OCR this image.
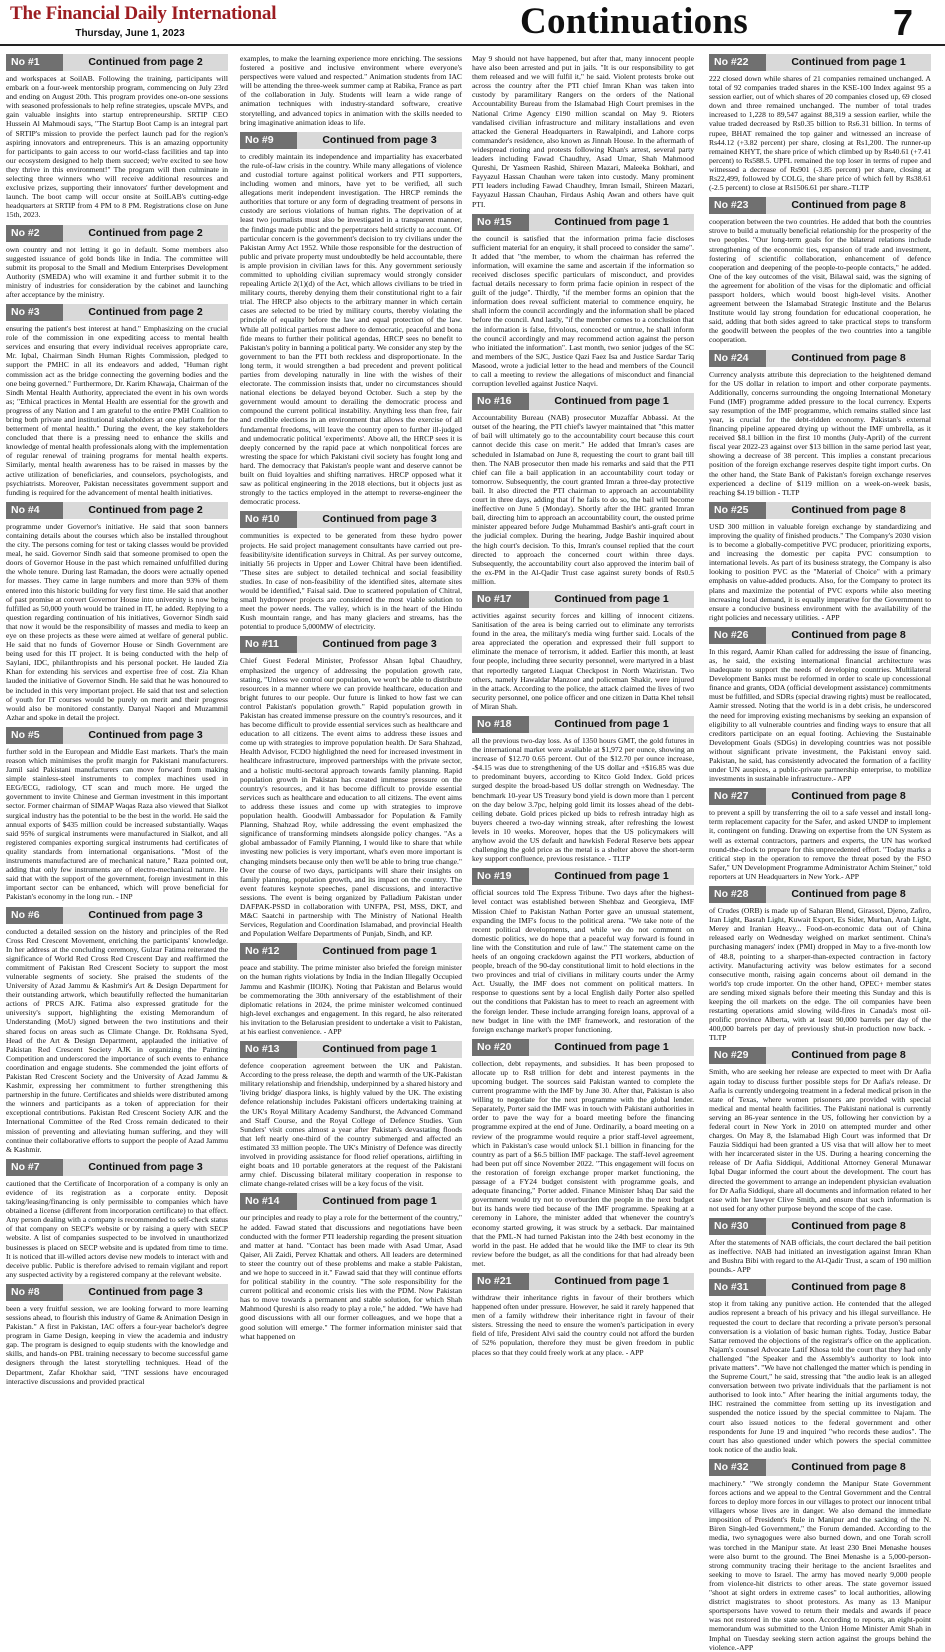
The Financial Daily International
Thursday, June 1, 2023	Continuations	7
No #1	Continued from page 2

and workspaces at SoilAB. Following the training, participants will embark on a four-week mentorship program, commencing on July 23rd and ending on August 20th. This program provides one-on-one sessions with seasoned professionals to help refine strategies, upscale MVPs, and gain valuable insights into startup entrepreneurship. SRTIP CEO Hussein Al Mahmoudi says, "The Startup Boot Camp is an integral part of SRTIP's mission to provide the perfect launch pad for the region's aspiring innovators and entrepreneurs. This is an amazing opportunity for participants to gain access to our world-class facilities and tap into our ecosystem designed to help them succeed; we're excited to see how they thrive in this environment!" The program will then culminate in selecting three winners who will receive additional resources and exclusive prizes, supporting their innovators' further development and launch. The boot camp will occur onsite at SoilLAB's cutting-edge headquarters at SRTIP from 4 PM to 8 PM. Registrations close on June 15th, 2023.

No #2	Continued from page 2

own country and not letting it go in default. Some members also suggested issuance of gold bonds like in India. The committee will submit its proposal to the Small and Medium Enterprises Development Authority (SMEDA) who will examine it and further submit it to the ministry of industries for consideration by the cabinet and launching after acceptance by the ministry.

No #3	Continued from page 2

ensuring the patient's best interest at hand." Emphasizing on the crucial role of the commission in one expediting access to mental health services and ensuring that every individual receives appropriate care, Mr. Iqbal, Chairman Sindh Human Rights Commission, pledged to support the PMHC in all its endeavors and added, "Human right commission act as the bridge connecting the governing bodies and the one being governed." Furthermore, Dr. Karim Khawaja, Chairman of the Sindh Mental Health Authority, appreciated the event in his own words as; "Ethical practices in Mental Health are essential for the growth and progress of any Nation and I am grateful to the entire PMH Coalition to bring both private and institutional stakeholders at one platform for the betterment of mental health." During the event, the key stakeholders concluded that there is a pressing need to enhance the skills and knowledge of mental health professionals along with the implementation of regular renewal of training programs for mental health experts. Similarly, mental health awareness has to be raised in masses by the active utilization of beneficiaries, and counselors, psychologists, and psychiatrists. Moreover, Pakistan necessitates government support and funding is required for the advancement of mental health initiatives.

No #4	Continued from page 2

programme under Governor's initiative. He said that soon banners containing details about the courses which also be installed throughout the city. The persons coming for test or taking classes would be provided meal, he said. Governor Sindh said that someone promised to open the doors of Governor House in the past which remained unfulfilled during the whole tenure. During last Ramadan, the doors were actually opened for masses. They came in large numbers and more than 93% of them entered into this historic building for very first time. He said that another of past promise at convert Governor House into university is now being fulfilled as 50,000 youth would be trained in IT, he added. Replying to a question regarding continuation of his initiatives, Governor Sindh said that now it would be the responsibility of masses and media to keep an eye on these projects as these were aimed at welfare of general public. He said that no funds of Governor House or Sindh Government are being used for this IT project. It is being conducted with the help of Saylani, IDC, philanthropists and his personal pocket. He lauded Zia Khan for extending his services and expertise free of cost. Zia Khan lauded the initiative of Governor Sindh. He said that he was honoured to be included in this very important project. He said that test and selection of youth for IT courses would be purely on merit and their progress would also be monitored constantly. Danyal Naqori and Muzammil Azhar and spoke in detail the project.

No #5	Continued from page 3

further sold in the European and Middle East markets. That's the main reason which minimises the profit margin for Pakistani manufacturers. Jamil said Pakistani manufacturers can move forward from making simple stainless-steel instruments to complex machines used in EEG/ECG, radiology, CT scan and much more. He urged the government to invite Chinese and German investment in this important sector. Former chairman of SIMAP Waqas Raza also viewed that Sialkot surgical industry has the potential to be the best in the world. He said the annual exports of $435 million could be increased substantially. Waqas said 95% of surgical instruments were manufactured in Sialkot, and all registered companies exporting surgical instruments had certificates of quality standards from international organisations. "Most of the instruments manufactured are of mechanical nature," Raza pointed out, adding that only few instruments are of electro-mechanical nature. He said that with the support of the government, foreign investment in this important sector can be enhanced, which will prove beneficial for Pakistan's economy in the long run. - INP

No #6	Continued from page 3

conducted a detailed session on the history and principles of the Red Cross Red Crescent Movement, enriching the participants' knowledge. In her address at the concluding ceremony, Gulzar Fatima reiterated the significance of World Red Cross Red Crescent Day and reaffirmed the commitment of Pakistan Red Crescent Society to support the most vulnerable segments of society. She praised the students of the University of Azad Jammu & Kashmir's Art & Design Department for their outstanding artwork, which beautifully reflected the humanitarian actions of PRCS AJK. Fatima also expressed gratitude for the university's support, highlighting the existing Memorandum of Understanding (MoU) signed between the two institutions and their shared focus on areas such as Climate Change. Dr. Rokhsana Syed, Head of the Art & Design Department, applauded the initiative of Pakistan Red Crescent Society AJK in organizing the Painting Competition and underscored the importance of such events to enhance coordination and engage students. She commended the joint efforts of Pakistan Red Crescent Society and the University of Azad Jammu & Kashmir, expressing her commitment to further strengthening this partnership in the future. Certificates and shields were distributed among the winners and participants as a token of appreciation for their exceptional contributions. Pakistan Red Crescent Society AJK and the International Committee of the Red Cross remain dedicated to their mission of preventing and alleviating human suffering, and they will continue their collaborative efforts to support the people of Azad Jammu & Kashmir.

No #7	Continued from page 3

cautioned that the Certificate of Incorporation of a company is only an evidence of its registration as a corporate entity. Deposit taking/leasing/financing is only permissible to companies which have obtained a license (different from incorporation certificate) to that effect. Any person dealing with a company is recommended to self-check status of that company on SECP's website or by raising a query with SECP website. A list of companies suspected to be involved in unauthorized businesses is placed on SECP website and is updated from time to time. It is noticed that ill-willed actors devise new models to interact with and deceive public. Public is therefore advised to remain vigilant and report any suspected activity by a registered company at the relevant website.

No #8	Continued from page 3

been a very fruitful session, we are looking forward to more learning sessions ahead, to flourish this industry of Game & Animation Design in Pakistan." A first in Pakistan, IAC offers a four-year bachelor's degree program in Game Design, keeping in view the academia and industry gap. The program is designed to equip students with the knowledge and skills, and hands-on PBL training necessary to become successful game designers through the latest storytelling techniques. Head of the Department, Zafar Khokhar said, "TNT sessions have encouraged interactive discussions and provided practical

examples, to make the learning experience more enriching. The sessions fostered a positive and inclusive environment where everyone's perspectives were valued and respected." Animation students from IAC will be attending the three-week summer camp at Rabika, France as part of the collaboration in July. Students will learn a wide range of animation techniques with industry-standard software, creative storytelling, and advanced topics in animation with the skills needed to bring imaginative animation ideas to life.

No #9	Continued from page 3

to credibly maintain its independence and impartiality has exacerbated the rule-of-law crisis in the country. While many allegations of violence and custodial torture against political workers and PTI supporters, including women and minors, have yet to be verified, all such allegations merit independent investigation. The HRCP reminds the authorities that torture or any form of degrading treatment of persons in custody are serious violations of human rights. The deprivation of at least two journalists must also be investigated in a transparent manner, the findings made public and the perpetrators held strictly to account. Of particular concern is the government's decision to try civilians under the Pakistan Army Act 1952. While those responsible for the destruction of public and private property must undoubtedly be held accountable, there is ample provision in civilian laws for this. Any government seriously committed to upholding civilian supremacy would strongly consider repealing Article 2(1)(d) of the Act, which allows civilians to be tried in military courts, thereby denying them their constitutional right to a fair trial. The HRCP also objects to the arbitrary manner in which certain cases are selected to be tried by military courts, thereby violating the principle of equality before the law and equal protection of the law. While all political parties must adhere to democratic, peaceful and bona fide means to further their political agendas, HRCP sees no benefit to Pakistan's polity in banning a political party. We consider any step by the government to ban the PTI both reckless and disproportionate. In the long term, it would strengthen a bad precedent and prevent political parties from developing naturally in line with the wishes of their electorate. The commission insists that, under no circumstances should national elections be delayed beyond October. Such a step by the government would amount to derailing the democratic process and compound the current political instability. Anything less than free, fair and credible elections in an environment that allows the exercise of all fundamental freedoms, will leave the country open to further ill-judged and undemocratic political 'experiments'. Above all, the HRCP sees it is deeply concerned by the rapid pace at which nonpolitical forces are wresting the space for which Pakistani civil society has fought long and hard. The democracy that Pakistan's people want and deserve cannot be built on fluid loyalties and shifting narratives. HRCP opposed what it saw as political engineering in the 2018 elections, but it objects just as strongly to the tactics employed in the attempt to reverse-engineer the democratic process.

No #10	Continued from page 3

communities is expected to be generated from these hydro power projects. He said project management consultants have carried out pre-feasibility/site identification surveys in Chitral. As per survey outcome, initially 56 projects in Upper and Lower Chitral have been identified. "These sites are subject to detailed technical and social feasibility studies. In case of non-feasibility of the identified sites, alternate sites would be identified," Faisal said. Due to scattered population of Chitral, small hydropower projects are considered the most viable solution to meet the power needs. The valley, which is in the heart of the Hindu Kush mountain range, and has many glaciers and streams, has the potential to produce 5,000MW of electricity.

No #11	Continued from page 3

Chief Guest Federal Minister, Professor Ahsan Iqbal Chaudhry, emphasized the urgency of addressing the population growth rate, stating, "Unless we control our population, we won't be able to distribute resources in a manner where we can provide healthcare, education and bright futures to our people. Our future is linked to how fast we can control Pakistan's population growth." Rapid population growth in Pakistan has created immense pressure on the country's resources, and it has become difficult to provide essential services such as healthcare and education to all citizens. The event aims to address these issues and come up with strategies to improve population health. Dr Sara Shahzad, Health Advisor, FCDO highlighted the need for increased investment in healthcare infrastructure, improved partnerships with the private sector, and a holistic multi-sectoral approach towards family planning. Rapid population growth in Pakistan has created immense pressure on the country's resources, and it has become difficult to provide essential services such as healthcare and education to all citizens. The event aims to address these issues and come up with strategies to improve population health. Goodwill Ambassador for Population & Family Planning, Shahzad Roy, while addressing the event emphasized the significance of transforming mindsets alongside policy changes. "As a global ambassador of Family Planning, I would like to share that while investing new policies is very important, what's even more important is changing mindsets because only then we'll be able to bring true change." Over the course of two days, participants will share their insights on family planning, population growth, and its impact on the country. The event features keynote speeches, panel discussions, and interactive sessions. The event is being organized by Palladium Pakistan under DAFPAK-PSSD in collaboration with UNFPA, PSI, MSS, DKT, and M&C Saatchi in partnership with The Ministry of National Health Services, Regulation and Coordination Islamabad, and provincial Health and Population Welfare Departments of Punjab, Sindh, and KP.

No #12	Continued from page 1

peace and stability. The prime minister also briefed the foreign minister on the human rights violations by India in the Indian Illegally Occupied Jammu and Kashmir (IIOJK). Noting that Pakistan and Belarus would be commemorating the 30th anniversary of the establishment of their diplomatic relations in 2024, the prime minister welcomed continued high-level exchanges and engagement. In this regard, he also reiterated his invitation to the Belarusian president to undertake a visit to Pakistan, at his earliest convenience. - APP

No #13	Continued from page 1

defence cooperation agreement between the UK and Pakistan. According to the press release, the depth and warmth of the UK-Pakistan military relationship and friendship, underpinned by a shared history and 'living bridge' diaspora links, is highly valued by the UK. The existing defence relationship includes Pakistani officers undertaking training at the UK's Royal Military Academy Sandhurst, the Advanced Command and Staff Course, and the Royal College of Defence Studies. 'Gun Sunders' visit comes almost a year after Pakistan's devastating floods that left nearly one-third of the country submerged and affected an estimated 33 million people. The UK's Ministry of Defence was directly involved in providing assistance for flood relief operations, airlifting in eight boats and 10 portable generators at the request of the Pakistani army chief. Discussing bilateral military cooperation in response to climate change-related crises will be a key focus of the visit.

No #14	Continued from page 1

our principles and ready to play a role for the betterment of the country," he added. Fawad stated that discussions and negotiations have been conducted with the former PTI leadership regarding the present situation and matter at hand. "Contact has been made with Asad Umar, Asad Qaiser, Ali Zaidi, Pervez Khattak and others. All leaders are determined to steer the country out of these problems and make a stable Pakistan, and we hope to succeed in it." Fawad said that they will continue efforts for political stability in the country. "The sole responsibility for the current political and economic crisis lies with the PDM. Now Pakistan has to move towards a permanent and stable solution, for which Shah Mahmood Qureshi is also ready to play a role," he added. "We have had good discussions with all our former colleagues, and we hope that a good solution will emerge." The former information minister said that what happened on

May 9 should not have happened, but after that, many innocent people have also been arrested and put in jails. "It is our responsibility to get them released and we will fulfil it," he said. Violent protests broke out across the country after the PTI chief Imran Khan was taken into custody by paramilitary Rangers on the orders of the National Accountability Bureau from the Islamabad High Court premises in the National Crime Agency £190 million scandal on May 9. Rioters vandalised civilian infrastructure and military installations and even attacked the General Headquarters in Rawalpindi, and Lahore corps commander's residence, also known as Jinnah House. In the aftermath of widespread rioting and protests following Khan's arrest, several party leaders including Fawad Chaudhry, Asad Umar, Shah Mahmood Qureshi, Dr Yasmeen Rashid, Shireen Mazari, Maleeka Bokhari, and Fayyazul Hassan Chauhan were taken into custody. Many prominent PTI leaders including Fawad Chaudhry, Imran Ismail, Shireen Mazari, Fayyazul Hassan Chauhan, Firdaus Ashiq Awan and others have quit PTI.

No #15	Continued from page 1

the council is satisfied that the information prima facie discloses sufficient material for an enquiry, it shall proceed to consider the same". It added that "the member, to whom the chairman has referred the information, will examine the same and ascertain if the information so received discloses specific particulars of misconduct, and provides factual details necessary to form prima facie opinion in respect of the guilt of the judge". Thirdly, "if the member forms an opinion that the information does reveal sufficient material to commence enquiry, he shall inform the council accordingly and the information shall be placed before the council. And lastly, "if the member comes to a conclusion that the information is false, frivolous, concocted or untrue, he shall inform the council accordingly and may recommend action against the person who initiated the information". Last month, two senior judges of the SC and members of the SJC, Justice Qazi Faez Isa and Justice Sardar Tariq Masood, wrote a judicial letter to the head and members of the Council to call a meeting to review the allegations of misconduct and financial corruption levelled against Justice Naqvi.

No #16	Continued from page 1

Accountability Bureau (NAB) prosecutor Muzaffar Abbassi. At the outset of the hearing, the PTI chief's lawyer maintained that "this matter of bail will ultimately go to the accountability court because this court cannot decide this case on merit." He added that Imran's cases are scheduled in Islamabad on June 8, requesting the court to grant bail till then. The NAB prosecutor then made his remarks and said that the PTI chief can file a bail application in an accountability court today or tomorrow. Subsequently, the court granted Imran a three-day protective bail. It also directed the PTI chairman to approach an accountability court in three days, adding that if he fails to do so, the bail will become ineffective on June 5 (Monday). Shortly after the IHC granted Imran bail, directing him to approach an accountability court, the ousted prime minister appeared before Judge Muhammad Bashir's anti-graft court in the judicial complex. During the hearing, Judge Bashir inquired about the high court's decision. To this, Imran's counsel replied that the court directed to approach the concerned court within three days. Subsequently, the accountability court also approved the interim bail of the ex-PM in the Al-Qadir Trust case against surety bonds of Rs0.5 million.

No #17	Continued from page 1

activities against security forces and killing of innocent citizens. Sanitisation of the area is being carried out to eliminate any terrorists found in the area, the military's media wing further said. Locals of the area appreciated the operation and expressed their full support to eliminate the menace of terrorism, it added. Earlier this month, at least four people, including three security personnel, were martyred in a blast that reportedly targeted Liaquat Checkpost in North Waziristan. Two others, namely Hawaldar Manzoor and policeman Shakir, were injured in the attack. According to the police, the attack claimed the lives of two security personnel, one police officer and one citizen in Datta Khel tehsil of Miran Shah.

No #18	Continued from page 1

all the previous two-day loss. As of 1350 hours GMT, the gold futures in the international market were available at $1,972 per ounce, showing an increase of $12.70 0.65 percent. Out of the $12.70 per ounce increase, -$4.15 was due to strengthening of the US dollar and +$16.85 was due to predominant buyers, according to Kitco Gold Index. Gold prices surged despite the broad-based US dollar strength on Wednesday. The benchmark 10-year US Treasury bond yield is down more than 1 percent on the day below 3.7pc, helping gold limit its losses ahead of the debt-ceiling debate. Gold prices picked up bids to refresh intraday high as buyers cheered a two-day winning streak, after refreshing the lowest levels in 10 weeks. Moreover, hopes that the US policymakers will anyhow avoid the US default and hawkish Federal Reserve bets appear challenging the gold price as the metal is a shelter above the short-term key support confluence, previous resistance. - TLTP

No #19	Continued from page 1

official sources told The Express Tribune. Two days after the highest-level contact was established between Shehbaz and Georgieva, IMF Mission Chief to Pakistan Nathan Porter gave an unusual statement, expanding the IMF's focus to the political arena. "We take note of the recent political developments, and while we do not comment on domestic politics, we do hope that a peaceful way forward is found in line with the Constitution and rule of law." The statement came on the heels of an ongoing crackdown against the PTI workers, abduction of people, breach of the 90-day constitutional limit to hold elections in the two provinces and trial of civilians in military courts under the Army Act. Usually, the IMF does not comment on political matters. In response to questions sent by a local English daily Porter also spelled out the conditions that Pakistan has to meet to reach an agreement with the foreign lender. These include arranging foreign loans, approval of a new budget in line with the IMF framework, and restoration of the foreign exchange market's proper functioning.

No #20	Continued from page 1

collection, debt repayments, and subsidies. It has been proposed to allocate up to Rs8 trillion for debt and interest payments in the upcoming budget. The sources said Pakistan wanted to complete the current programme with the IMF by June 30. After that, Pakistan is also willing to negotiate for the next programme with the global lender. Separately, Porter said the IMF was in touch with Pakistani authorities in order to pave the way for a board meeting before the financing programme expired at the end of June. Ordinarily, a board meeting on a review of the programme would require a prior staff-level agreement, which in Pakistan's case would unlock $1.1 billion in financing for the country as part of a $6.5 billion IMF package. The staff-level agreement had been put off since November 2022. "This engagement will focus on the restoration of foreign exchange proper market functioning, the passage of a FY24 budget consistent with programme goals, and adequate financing," Porter added. Finance Minister Ishaq Dar said the government would try not to overburden the people in the next budget but its hands were tied because of the IMF programme. Speaking at a ceremony in Lahore, the minister added that whenever the country's economy started growing, it was struck by a setback. Dar maintained that the PML-N had turned Pakistan into the 24th best economy in the world in the past. He added that he would like the IMF to clear its 9th review before the budget, as all the conditions for that had already been met.

No #21	Continued from page 1

withdraw their inheritance rights in favour of their brothers which happened often under pressure. However, he said it rarely happened that men of a family withdrew their inheritance right in favour of their sisters. Stressing the need to ensure the women's participation in every field of life, President Alvi said the country could not afford the burden of 52% population, therefore they must be given freedom in public places so that they could freely work at any place. - APP

No #22	Continued from page 1

222 closed down while shares of 21 companies remained unchanged. A total of 92 companies traded shares in the KSE-100 Index against 95 a session earlier, out of which shares of 20 companies closed up, 69 closed down and three remained unchanged. The number of total trades increased to 1,228 to 89,547 against 88,319 a session earlier, while the value traded decreased by Rs0.35 billion to Rs6.31 billion. In terms of rupee, BHAT remained the top gainer and witnessed an increase of Rs44.12 (+3.82 percent) per share, closing at Rs1,200. The runner-up remained KHYT, the share price of which climbed up by Rs40.61 (+7.41 percent) to Rs588.5. UPFL remained the top loser in terms of rupee and witnessed a decrease of Rs901 (-3.85 percent) per share, closing at Rs22,499, followed by COLG, the share price of which fell by Rs38.61 (-2.5 percent) to close at Rs1506.61 per share.-TLTP

No #23	Continued from page 8

cooperation between the two countries. He added that both the countries strove to build a mutually beneficial relationship for the prosperity of the two peoples. "Our long-term goals for the bilateral relations include strengthening of the economic ties, expansion of trade and investment, fostering of scientific collaboration, enhancement of defence cooperation and deepening of the people-to-people contacts," he added. One of the key outcomes of the visit, Bilawal said, was the signing of the agreement for abolition of the visas for the diplomatic and official passport holders, which would boost high-level visits. Another agreement between the Islamabad Strategic Institute and the Belarus Institute would lay strong foundation for educational cooperation, he said, adding that both sides agreed to take practical steps to transform the goodwill between the peoples of the two countries into a tangible cooperation.

No #24	Continued from page 8

Currency analysts attribute this depreciation to the heightened demand for the US dollar in relation to import and other corporate payments. Additionally, concerns surrounding the ongoing International Monetary Fund (IMF) programme added pressure to the local currency. Experts say resumption of the IMF programme, which remains stalled since last year, is crucial for the debt-ridden economy. Pakistan's external financing pipeline appeared drying up without the IMF umbrella, as it received $8.1 billion in the first 10 months (July-April) of the current fiscal year 2022-23 against over $13 billion in the same period last year, showing a decrease of 38 percent. This implies a constant precarious position of the foreign exchange reserves despite tight import curbs. On the other hand, the State Bank of Pakistan's foreign exchange reserves experienced a decline of $119 million on a week-on-week basis, reaching $4.19 billion - TLTP

No #25	Continued from page 8

USD 300 million in valuable foreign exchange by standardizing and improving the quality of finished products." The Company's 2030 vision is to become a globally-competitive PVC producer, prioritizing exports, and increasing the domestic per capita PVC consumption to international levels. As part of its business strategy, the Company is also looking to position PVC as the "Material of Choice" with a primary emphasis on value-added products. Also, for the Company to protect its plans and maximize the potential of PVC exports while also meeting increasing local demand, it is equally imperative for the Government to ensure a conducive business environment with the availability of the right policies and necessary utilities. - APP

No #26	Continued from page 8

In this regard, Aamir Khan called for addressing the issue of financing, as, he said, the existing international financial architecture was inadequate to support the needs of developing countries. Multilateral Development Banks must be reformed in order to scale up concessional finance and grants, ODA (official development assistance) commitments must be fulfilled, and SDRs (special drawing rights) must be reallocated, Aamir stressed. Noting that the world is in a debt crisis, he underscored the need for improving existing mechanisms by seeking an expansion of eligibility to all vulnerable countries and finding ways to ensure that all creditors participate on an equal footing. Achieving the Sustainable Development Goals (SDGs) in developing countries was not possible without significant private investment, the Pakistani envoy said. Pakistan, he said, has consistently advocated the formation of a facility under UN auspices, a public-private partnership enterprise, to mobilize investments in sustainable infrastructure.- APP

No #27	Continued from page 8

to prevent a spill by transferring the oil to a safe vessel and install long-term replacement capacity for the Safer, and asked UNDP to implement it, contingent on funding. Drawing on expertise from the UN System as well as external contractors, partners and experts, the UN has worked round-the-clock to prepare for this unprecedented effort. "Today marks a critical step in the operation to remove the threat posed by the FSO Safer," UN Development Programme Administrator Achim Steiner," told reporters at UN Headquarters in New York.- APP

No #28	Continued from page 8

of Crudes (ORB) is made up of Saharan Blend, Girassol, Djeno, Zafiro, Iran Light, Basrah Light, Kuwait Export, Es Sider, Murban, Arab Light, Merey and Iranian Heavy... Food-on-economic data out of China released early on Wednesday weighed on market sentiment. China's purchasing managers' index (PMI) dropped in May to a five-month low of 48.8, pointing to a sharper-than-expected contraction in factory activity. Manufacturing activity was below estimates for a second consecutive month, raising again concerns about oil demand in the world's top crude importer. On the other hand, OPEC+ member states are sending mixed signals before their meeting this Sunday and this is keeping the oil markets on the edge. The oil companies have been restarting operations amid slowing wild-fires in Canada's most oil-prolific province Alberta, with at least 90,000 barrels per day of the 400,000 barrels per day of previously shut-in production now back. - TLTP

No #29	Continued from page 8

Smith, who are seeking her release are expected to meet with Dr Aafia again today to discuss further possible steps for Dr Aafia's release. Dr Aafia is currently undergoing treatment in a federal medical prison in the state of Texas, where women prisoners are provided with special medical and mental health facilities. The Pakistani national is currently serving an 86-year sentence in the US, following her conviction by a federal court in New York in 2010 on attempted murder and other charges. On May 8, the Islamabad High Court was informed that Dr Fauzia Siddiqui had been granted a US visa that will allow her to meet with her incarcerated sister in the US. During a hearing concerning the release of Dr Aafia Siddiqui, Additional Attorney General Munawar Iqbal Dugar informed the court about the development. The court has directed the government to arrange an independent physician evaluation for Dr Aafia Siddiqui, share all documents and information related to her case with her lawyer Clive Smith, and ensure that such information is not used for any other purpose beyond the scope of the case.

No #30	Continued from page 8

After the statements of NAB officials, the court declared the bail petition as ineffective. NAB had initiated an investigation against Imran Khan and Bushra Bibi with regard to the Al-Qadir Trust, a scam of 190 million pounds.- APP

No #31	Continued from page 8

stop it from taking any punitive action. He contended that the alleged audios represent a breach of his privacy and his illegal surveillance. He requested the court to declare that recording a private person's personal conversation is a violation of basic human rights. Today, Justice Babar Sattar removed the objections of the registrar's office on the application. Najam's counsel Advocate Latif Khosa told the court that they had only challenged "the Speaker and the Assembly's authority to look into private matters". "We have not challenged the matter which is pending in the Supreme Court," he said, stressing that "the audio leak is an alleged conversation between two private individuals that the parliament is not authorised to look into." After hearing the initial arguments today, the IHC restrained the committee from setting up its investigation and suspended the notice issued by the special committee to Najam. The court also issued notices to the federal government and other respondents for June 19 and inquired "who records these audios". The court has also questioned under which powers the special committee took notice of the audio leak.

No #32	Continued from page 8

machinery." "We strongly condemn the Manipur State Government forces actions and we appeal to the Central Government and the Central forces to deploy more forces in our villages to protect our innocent tribal villagers whose lives are in danger. We also demand the immediate imposition of President's Rule in Manipur and the sacking of the N. Biren Singh-led Government," the Forum demanded. According to the media, two synagogues were also burned down, and one Torah scroll was torched in the Manipur state. At least 230 Bnei Menashe houses were also burnt to the ground. The Bnei Menashe is a 5,000-person-strong community tracing their heritage to the ancient Israelites and seeking to move to Israel. The army has moved nearly 9,000 people from violence-hit districts to other areas. The state governor issued "shoot at sight orders in extreme cases" to local authorities, allowing district magistrates to shoot protestors. As many as 13 Manipur sportspersons have vowed to return their medals and awards if peace was not restored in the state soon. According to reports, an eight-point memorandum was submitted to the Union Home Minister Amit Shah in Imphal on Tuesday seeking stern action against the groups behind the violence.-APP
